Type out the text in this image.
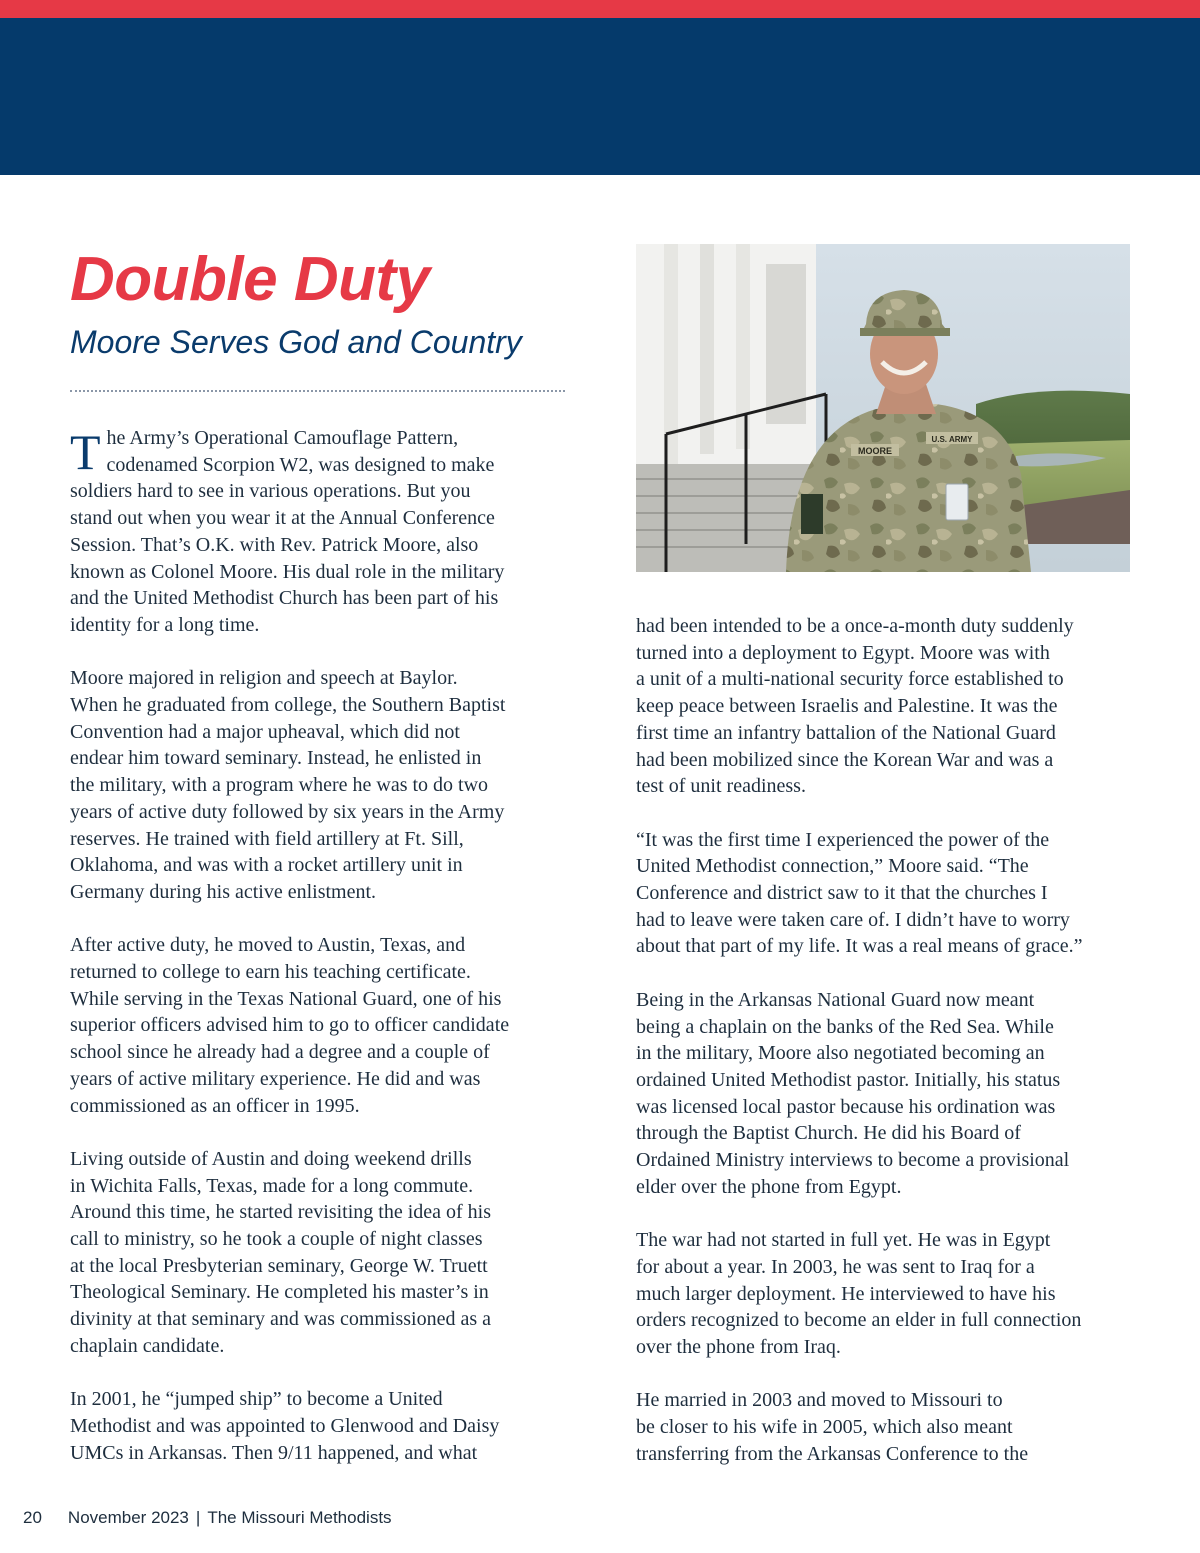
Double Duty
Moore Serves God and Country
MOORE
U.S. ARMY

The Army’s Operational Camouflage Pattern,
codenamed Scorpion W2, was designed to make
soldiers hard to see in various operations. But you
stand out when you wear it at the Annual Conference
Session. That’s O.K. with Rev. Patrick Moore, also
known as Colonel Moore. His dual role in the military
and the United Methodist Church has been part of his
identity for a long time.

Moore majored in religion and speech at Baylor.
When he graduated from college, the Southern Baptist
Convention had a major upheaval, which did not
endear him toward seminary. Instead, he enlisted in
the military, with a program where he was to do two
years of active duty followed by six years in the Army
reserves. He trained with field artillery at Ft. Sill,
Oklahoma, and was with a rocket artillery unit in
Germany during his active enlistment.

After active duty, he moved to Austin, Texas, and
returned to college to earn his teaching certificate.
While serving in the Texas National Guard, one of his
superior officers advised him to go to officer candidate
school since he already had a degree and a couple of
years of active military experience. He did and was
commissioned as an officer in 1995.

Living outside of Austin and doing weekend drills
in Wichita Falls, Texas, made for a long commute.
Around this time, he started revisiting the idea of his
call to ministry, so he took a couple of night classes
at the local Presbyterian seminary, George W. Truett
Theological Seminary. He completed his master’s in
divinity at that seminary and was commissioned as a
chaplain candidate.

In 2001, he “jumped ship” to become a United
Methodist and was appointed to Glenwood and Daisy
UMCs in Arkansas. Then 9/11 happened, and what

had been intended to be a once-a-month duty suddenly
turned into a deployment to Egypt. Moore was with
a unit of a multi-national security force established to
keep peace between Israelis and Palestine. It was the
first time an infantry battalion of the National Guard
had been mobilized since the Korean War and was a
test of unit readiness.

“It was the first time I experienced the power of the
United Methodist connection,” Moore said. “The
Conference and district saw to it that the churches I
had to leave were taken care of. I didn’t have to worry
about that part of my life. It was a real means of grace.”

Being in the Arkansas National Guard now meant
being a chaplain on the banks of the Red Sea. While
in the military, Moore also negotiated becoming an
ordained United Methodist pastor. Initially, his status
was licensed local pastor because his ordination was
through the Baptist Church. He did his Board of
Ordained Ministry interviews to become a provisional
elder over the phone from Egypt.

The war had not started in full yet. He was in Egypt
for about a year. In 2003, he was sent to Iraq for a
much larger deployment. He interviewed to have his
orders recognized to become an elder in full connection
over the phone from Iraq.

He married in 2003 and moved to Missouri to
be closer to his wife in 2005, which also meant
transferring from the Arkansas Conference to the

20 November 2023 | The Missouri Methodists
